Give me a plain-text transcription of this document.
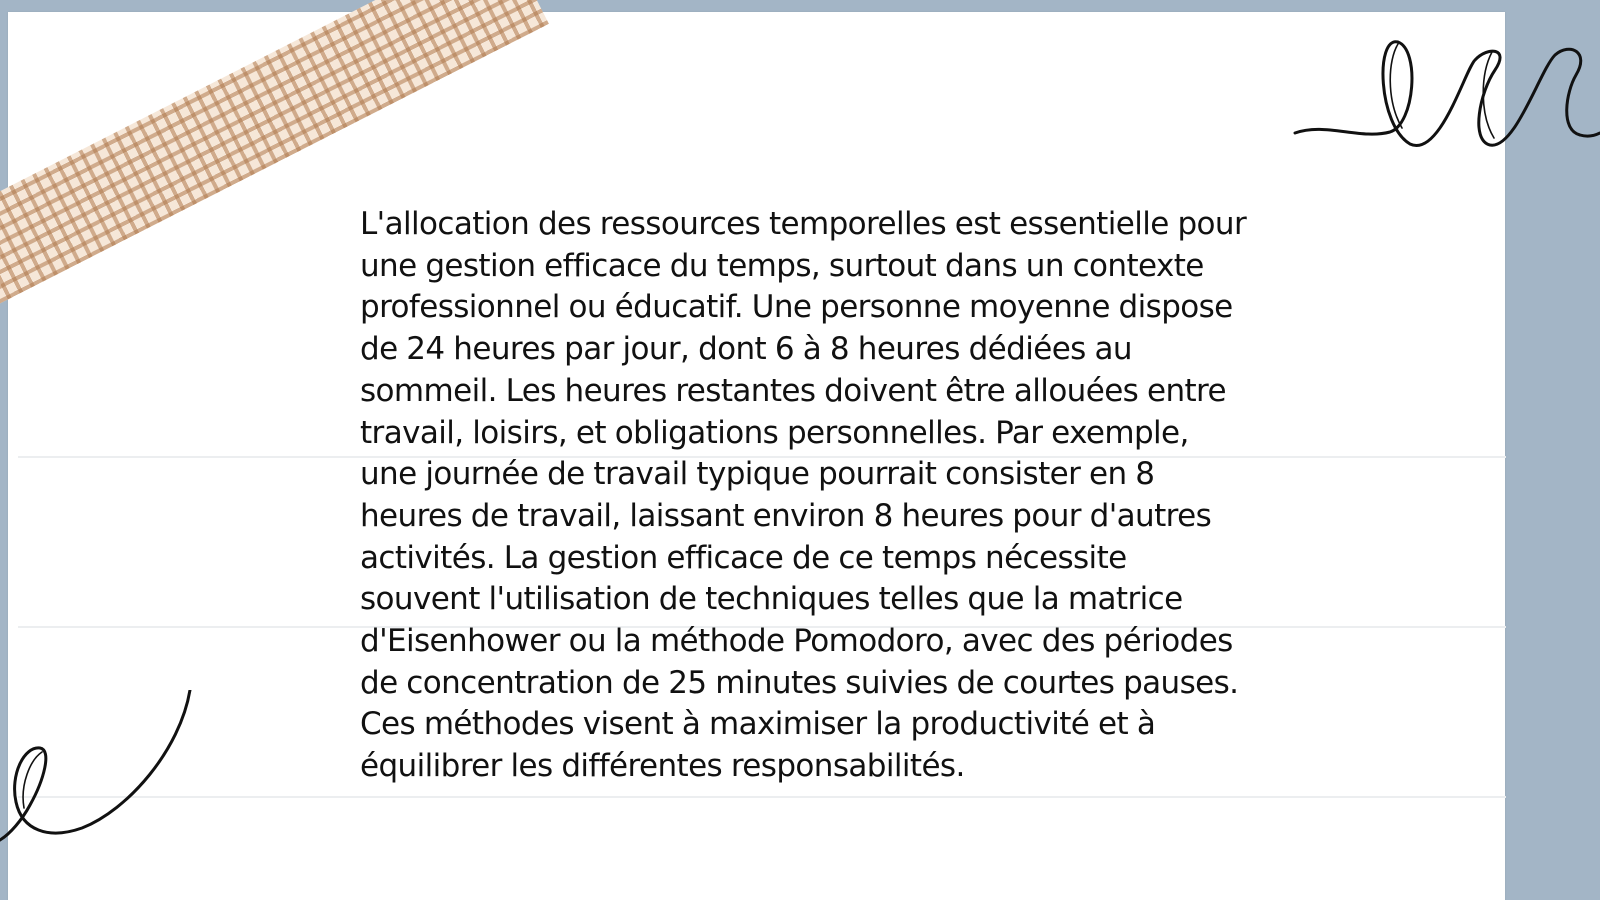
L'allocation des ressources temporelles est essentielle pour une gestion efficace du temps, surtout dans un contexte professionnel ou éducatif. Une personne moyenne dispose de 24 heures par jour, dont 6 à 8 heures dédiées au sommeil. Les heures restantes doivent être allouées entre travail, loisirs, et obligations personnelles. Par exemple, une journée de travail typique pourrait consister en 8 heures de travail, laissant environ 8 heures pour d'autres activités. La gestion efficace de ce temps nécessite souvent l'utilisation de techniques telles que la matrice d'Eisenhower ou la méthode Pomodoro, avec des périodes de concentration de 25 minutes suivies de courtes pauses. Ces méthodes visent à maximiser la productivité et à équilibrer les différentes responsabilités.
